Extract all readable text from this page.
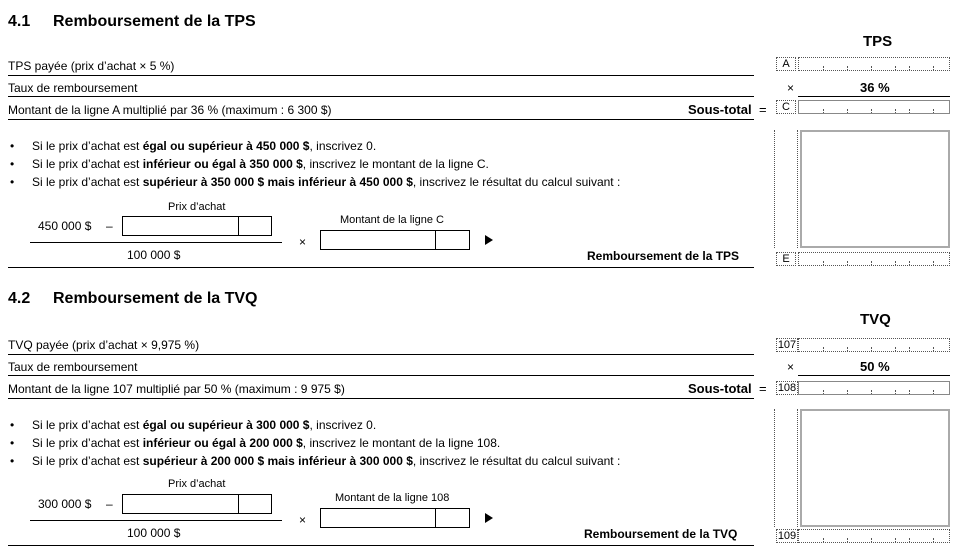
4.1 Remboursement de la TPS
TPS
TPS payée (prix d’achat × 5 %)	A
Taux de remboursement	×	36 %
Montant de la ligne A multiplié par 36 % (maximum : 6 300 $)	Sous-total =	C
• Si le prix d’achat est égal ou supérieur à 450 000 $, inscrivez 0.
• Si le prix d’achat est inférieur ou égal à 350 000 $, inscrivez le montant de la ligne C.
• Si le prix d’achat est supérieur à 350 000 $ mais inférieur à 450 000 $, inscrivez le résultat du calcul suivant :
Prix d’achat
450 000 $ –
100 000 $
×
Montant de la ligne C
Remboursement de la TPS	E
4.2 Remboursement de la TVQ
TVQ
TVQ payée (prix d’achat × 9,975 %)	107
Taux de remboursement	×	50 %
Montant de la ligne 107 multiplié par 50 % (maximum : 9 975 $)	Sous-total = 108
• Si le prix d’achat est égal ou supérieur à 300 000 $, inscrivez 0.
• Si le prix d’achat est inférieur ou égal à 200 000 $, inscrivez le montant de la ligne 108.
• Si le prix d’achat est supérieur à 200 000 $ mais inférieur à 300 000 $, inscrivez le résultat du calcul suivant :
Prix d’achat
300 000 $ –
100 000 $
×
Montant de la ligne 108
Remboursement de la TVQ	109
